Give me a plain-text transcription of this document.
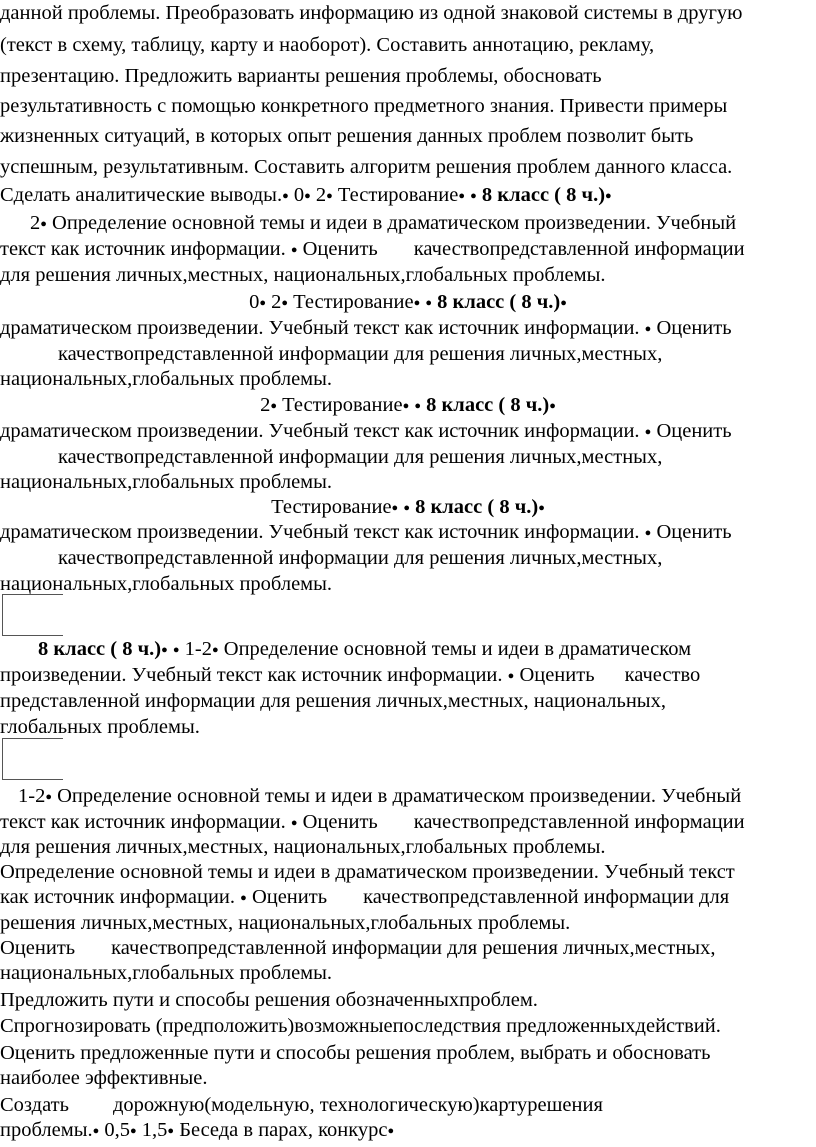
данной проблемы. Преобразовать информацию из одной знаковой системы в другую
(текст в схему, таблицу, карту и наоборот). Составить аннотацию, рекламу,
презентацию. Предложить варианты решения проблемы, обосновать
результативность с помощью конкретного предметного знания. Привести примеры
жизненных ситуаций, в которых опыт решения данных проблем позволит быть
успешным, результативным. Составить алгоритм решения проблем данного класса.
Сделать аналитические выводы. ● 0 ● 2 ● Тестирование ● ● 8 класс ( 8 ч.)●
2 ● Определение основной темы и идеи в драматическом произведении. Учебный
текст как источник информации. ● Оценить качествопредставленной информации
для решения личных,местных, национальных,глобальных проблемы.
0 ● 2 ● Тестирование ● ● 8 класс ( 8 ч.)●
драматическом произведении. Учебный текст как источник информации. ● Оценить
качествопредставленной информации для решения личных,местных,
национальных,глобальных проблемы.
2 ● Тестирование ● ● 8 класс ( 8 ч.)●
драматическом произведении. Учебный текст как источник информации. ● Оценить
качествопредставленной информации для решения личных,местных,
национальных,глобальных проблемы.
Тестирование ● ● 8 класс ( 8 ч.)●
драматическом произведении. Учебный текст как источник информации. ● Оценить
качествопредставленной информации для решения личных,местных,
национальных,глобальных проблемы.
8 класс ( 8 ч.) ● ● 1-2 ● Определение основной темы и идеи в драматическом
произведении. Учебный текст как источник информации. ● Оценить качество
представленной информации для решения личных,местных, национальных,
глобальных проблемы.
1-2 ● Определение основной темы и идеи в драматическом произведении. Учебный
текст как источник информации. ● Оценить качествопредставленной информации
для решения личных,местных, национальных,глобальных проблемы.
Определение основной темы и идеи в драматическом произведении. Учебный текст
как источник информации. ● Оценить качествопредставленной информации для
решения личных,местных, национальных,глобальных проблемы.
Оценить качествопредставленной информации для решения личных,местных,
национальных,глобальных проблемы.
Предложить пути и способы решения обозначенныхпроблем.
Спрогнозировать (предположить)возможныепоследствия предложенныхдействий.
Оценить предложенные пути и способы решения проблем, выбрать и обосновать
наиболее эффективные.
Создать дорожную(модельную, технологическую)картурешения
проблемы. ● 0,5 ● 1,5 ● Беседа в парах, конкурс●
